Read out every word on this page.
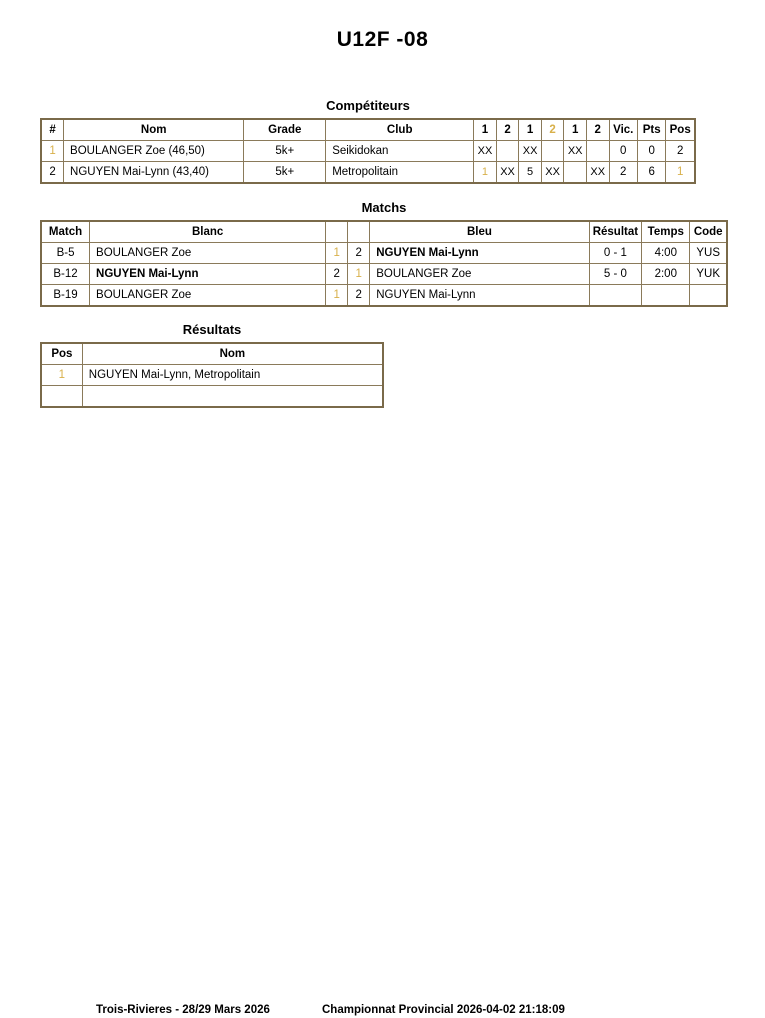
U12F -08
Compétiteurs
#	Nom	Grade	Club	1	2	1	2	1	2	Vic.	Pts	Pos
1	BOULANGER Zoe (46,50)	5k+	Seikidokan	XX		XX		XX		0	0	2
2	NGUYEN Mai-Lynn (43,40)	5k+	Metropolitain	1	XX	5	XX		XX	2	6	1
Matchs
Match	Blanc			Bleu	Résultat	Temps	Code
B-5	BOULANGER Zoe	1	2	NGUYEN Mai-Lynn	0 - 1	4:00	YUS
B-12	NGUYEN Mai-Lynn	2	1	BOULANGER Zoe	5 - 0	2:00	YUK
B-19	BOULANGER Zoe	1	2	NGUYEN Mai-Lynn			
Résultats
Pos	Nom
1	NGUYEN Mai-Lynn, Metropolitain

Trois-Rivieres - 28/29 Mars 2026	Championnat Provincial 2026-04-02 21:18:09
